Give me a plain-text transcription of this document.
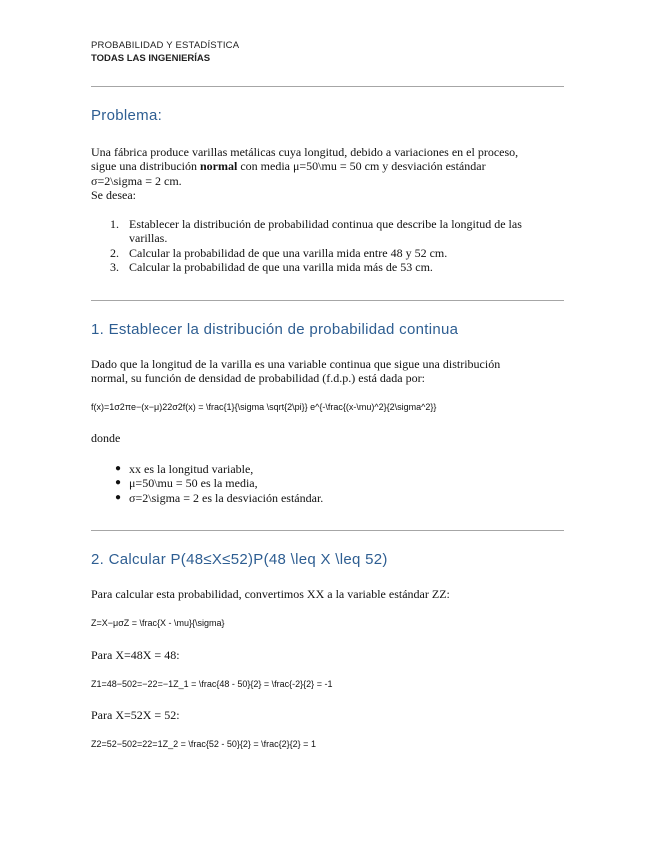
PROBABILIDAD Y ESTADÍSTICA
TODAS LAS INGENIERÍAS
Problema:
Una fábrica produce varillas metálicas cuya longitud, debido a variaciones en el proceso,
sigue una distribución normal con media μ=50\mu = 50 cm y desviación estándar
σ=2\sigma = 2 cm.
Se desea:
1. Establecer la distribución de probabilidad continua que describe la longitud de las
varillas.
2. Calcular la probabilidad de que una varilla mida entre 48 y 52 cm.
3. Calcular la probabilidad de que una varilla mida más de 53 cm.
1. Establecer la distribución de probabilidad continua
Dado que la longitud de la varilla es una variable continua que sigue una distribución
normal, su función de densidad de probabilidad (f.d.p.) está dada por:
f(x)=1σ2πe−(x−μ)22σ2f(x) = \frac{1}{\sigma \sqrt{2\pi}} e^{-\frac{(x-\mu)^2}{2\sigma^2}}
donde
● xx es la longitud variable,
● μ=50\mu = 50 es la media,
● σ=2\sigma = 2 es la desviación estándar.
2. Calcular P(48≤X≤52)P(48 \leq X \leq 52)
Para calcular esta probabilidad, convertimos XX a la variable estándar ZZ:
Z=X−μσZ = \frac{X - \mu}{\sigma}
Para X=48X = 48:
Z1=48−502=−22=−1Z_1 = \frac{48 - 50}{2} = \frac{-2}{2} = -1
Para X=52X = 52:
Z2=52−502=22=1Z_2 = \frac{52 - 50}{2} = \frac{2}{2} = 1
